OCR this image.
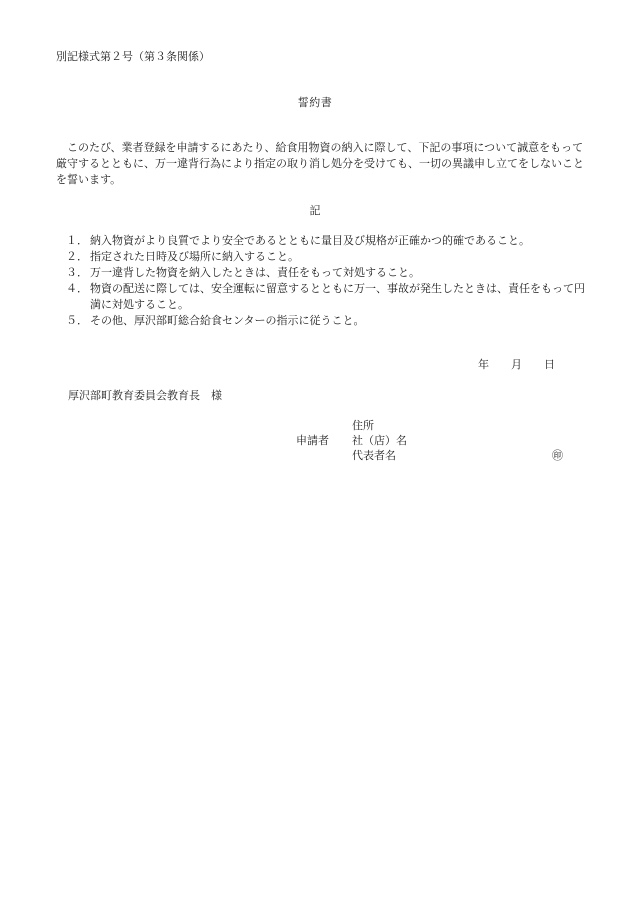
別記様式第２号（第３条関係）
誓約書
このたび、業者登録を申請するにあたり、給食用物資の納入に際して、下記の事項について誠意をもって厳守するとともに、万一違背行為により指定の取り消し処分を受けても、一切の異議申し立てをしないことを誓います。
記
１． 納入物資がより良質でより安全であるとともに量目及び規格が正確かつ的確であること。
２． 指定された日時及び場所に納入すること。
３． 万一違背した物資を納入したときは、責任をもって対処すること。
４． 物資の配送に際しては、安全運転に留意するとともに万一、事故が発生したときは、責任をもって円満に対処すること。
５． その他、厚沢部町総合給食センターの指示に従うこと。
年 月 日
厚沢部町教育委員会教育長　様
住所
申請者 社（店）名
代表者名	㊞
